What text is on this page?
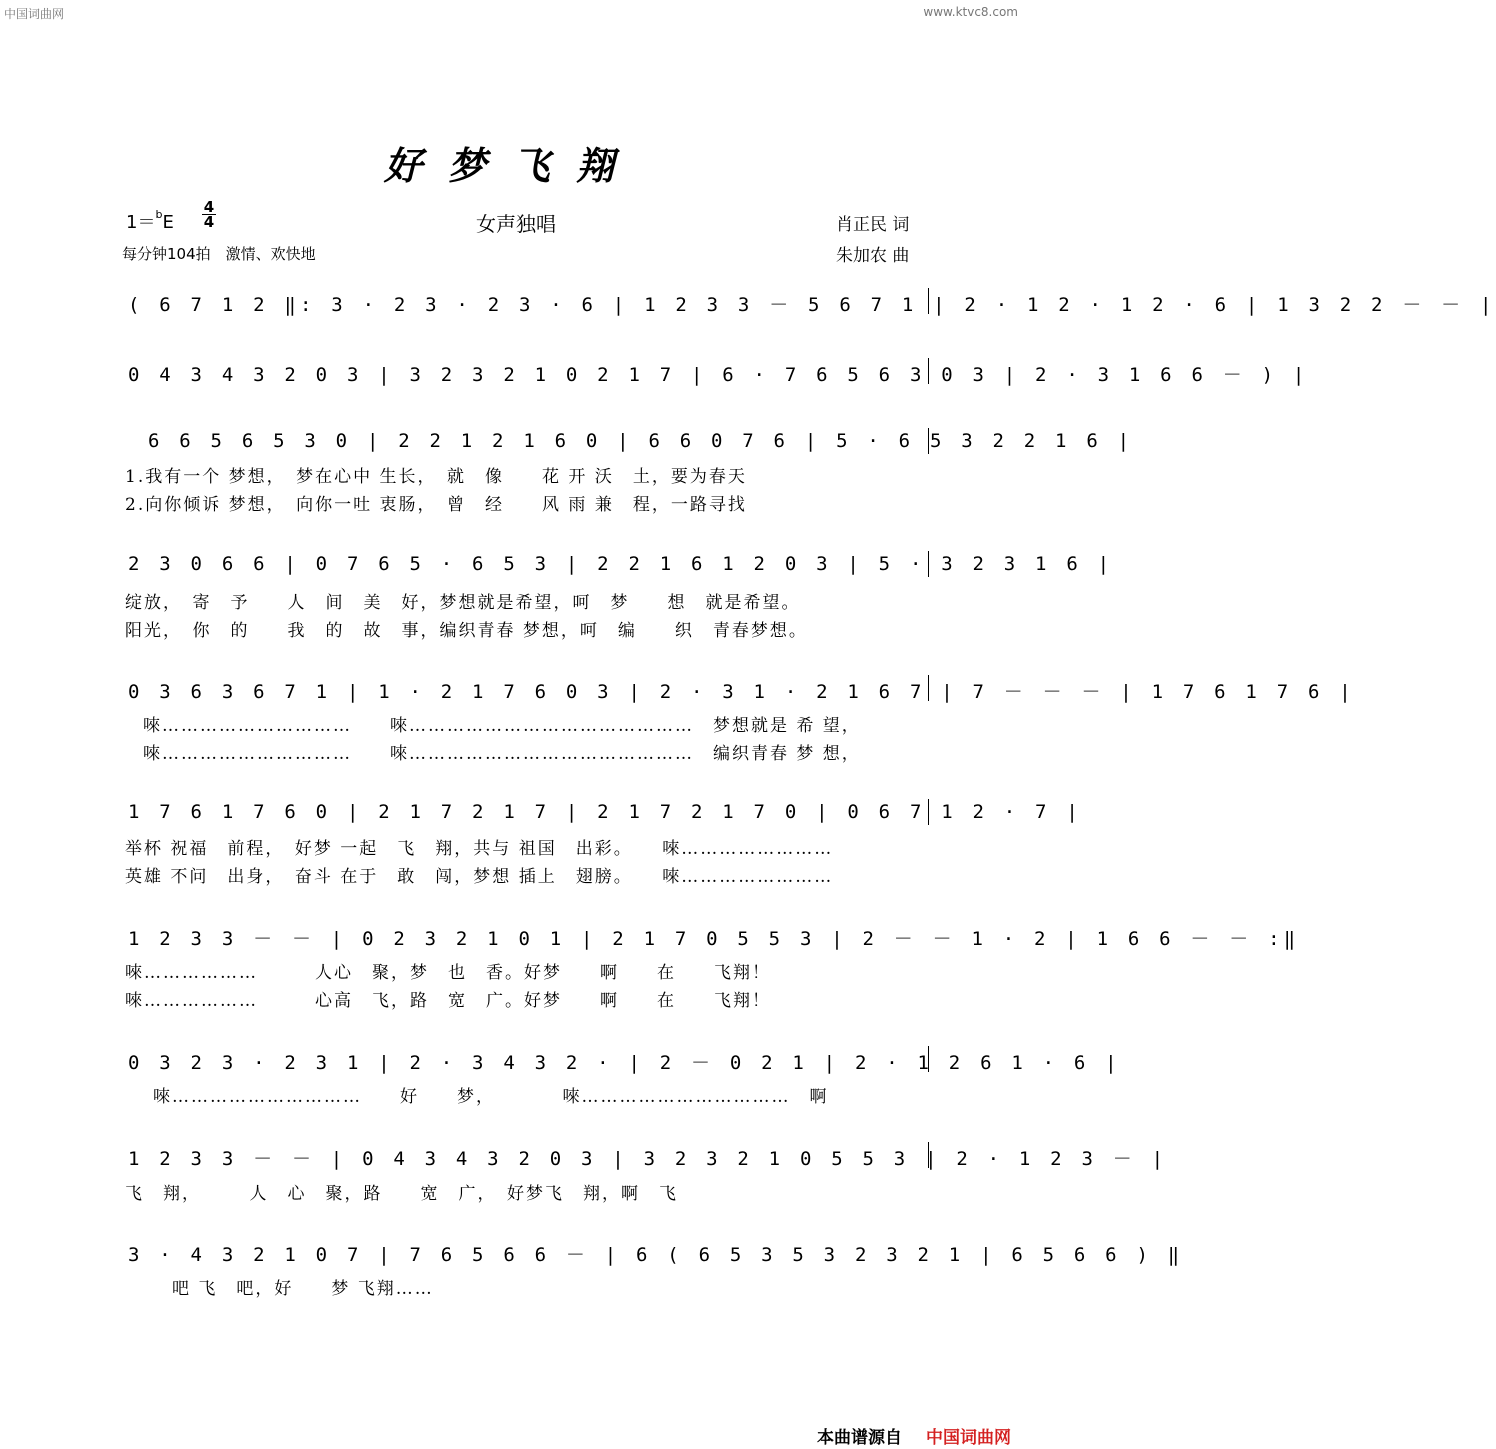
中国词曲网	www.ktvc8.com
好梦飞翔
1＝$^b$E
4
4
每分钟104拍　激情、欢快地
女声独唱	肖正民 词
朱加农 曲
( 6 7 1 2 ‖: 3 · 2 3 · 2 3 · 6 | 1 2 3 3 － 5 6 7 1 | 2 · 1 2 · 1 2 · 6 | 1 3 2 2 － － |
0 4 3 4 3 2 0 3 | 3 2 3 2 1 0 2 1 7 | 6 · 7 6 5 6 3 0 3 | 2 · 3 1 6 6 － ) |
6 6 5 6 5 3 0 | 2 2 1 2 1 6 0 | 6 6 0 7 6 | 5 · 6 5 3 2 2 1 6 |
1.我有一个 梦想，　梦在心中 生长，　就　像　　花 开 沃　土，要为春天
2.向你倾诉 梦想，　向你一吐 衷肠，　曾　经　　风 雨 兼　程，一路寻找
2 3 0 6 6 | 0 7 6 5 · 6 5 3 | 2 2 1 6 1 2 0 3 | 5 · 3 2 3 1 6 |
绽放，　寄　予　　人　间　美　好，梦想就是希望，呵　梦　　想　就是希望。
阳光，　你　的　　我　的　故　事，编织青春 梦想，呵　编　　织　青春梦想。
0 3 6 3 6 7 1 | 1 · 2 1 7 6 0 3 | 2 · 3 1 · 2 1 6 7 | 7 － － － | 1 7 6 1 7 6 |
唻…………………………　　唻………………………………………　梦想就是 希 望，
唻…………………………　　唻………………………………………　编织青春 梦 想，
1 7 6 1 7 6 0 | 2 1 7 2 1 7 | 2 1 7 2 1 7 0 | 0 6 7 1 2 · 7 |
举杯 祝福　前程，　好梦 一起　飞　翔，共与 祖国　出彩。　　唻……………………
英雄 不问　出身，　奋斗 在于　敢　闯，梦想 插上　翅膀。　　唻……………………
1 2 3 3 － － | 0 2 3 2 1 0 1 | 2 1 7 0 5 5 3 | 2 － － 1 · 2 | 1 6 6 － － :‖
唻………………　　　人心　聚，梦　也　香。好梦　　啊　　在　　飞翔！
唻………………　　　心高　飞，路　宽　广。好梦　　啊　　在　　飞翔！
0 3 2 3 · 2 3 1 | 2 · 3 4 3 2 · | 2 － 0 2 1 | 2 · 1 2 6 1 · 6 |
唻…………………………　　好　　梦，　　　　唻……………………………　啊
1 2 3 3 － － | 0 4 3 4 3 2 0 3 | 3 2 3 2 1 0 5 5 3 | 2 · 1 2 3 － |
飞　翔，　　　人　心　聚，路　　宽　广，　好梦飞　翔，啊　飞
3 · 4 3 2 1 0 7 | 7 6 5 6 6 － | 6 ( 6 5 3 5 3 2 3 2 1 | 6 5 6 6 ) ‖
吧 飞　吧，好　　梦 飞翔……
本曲谱源自 中国词曲网
